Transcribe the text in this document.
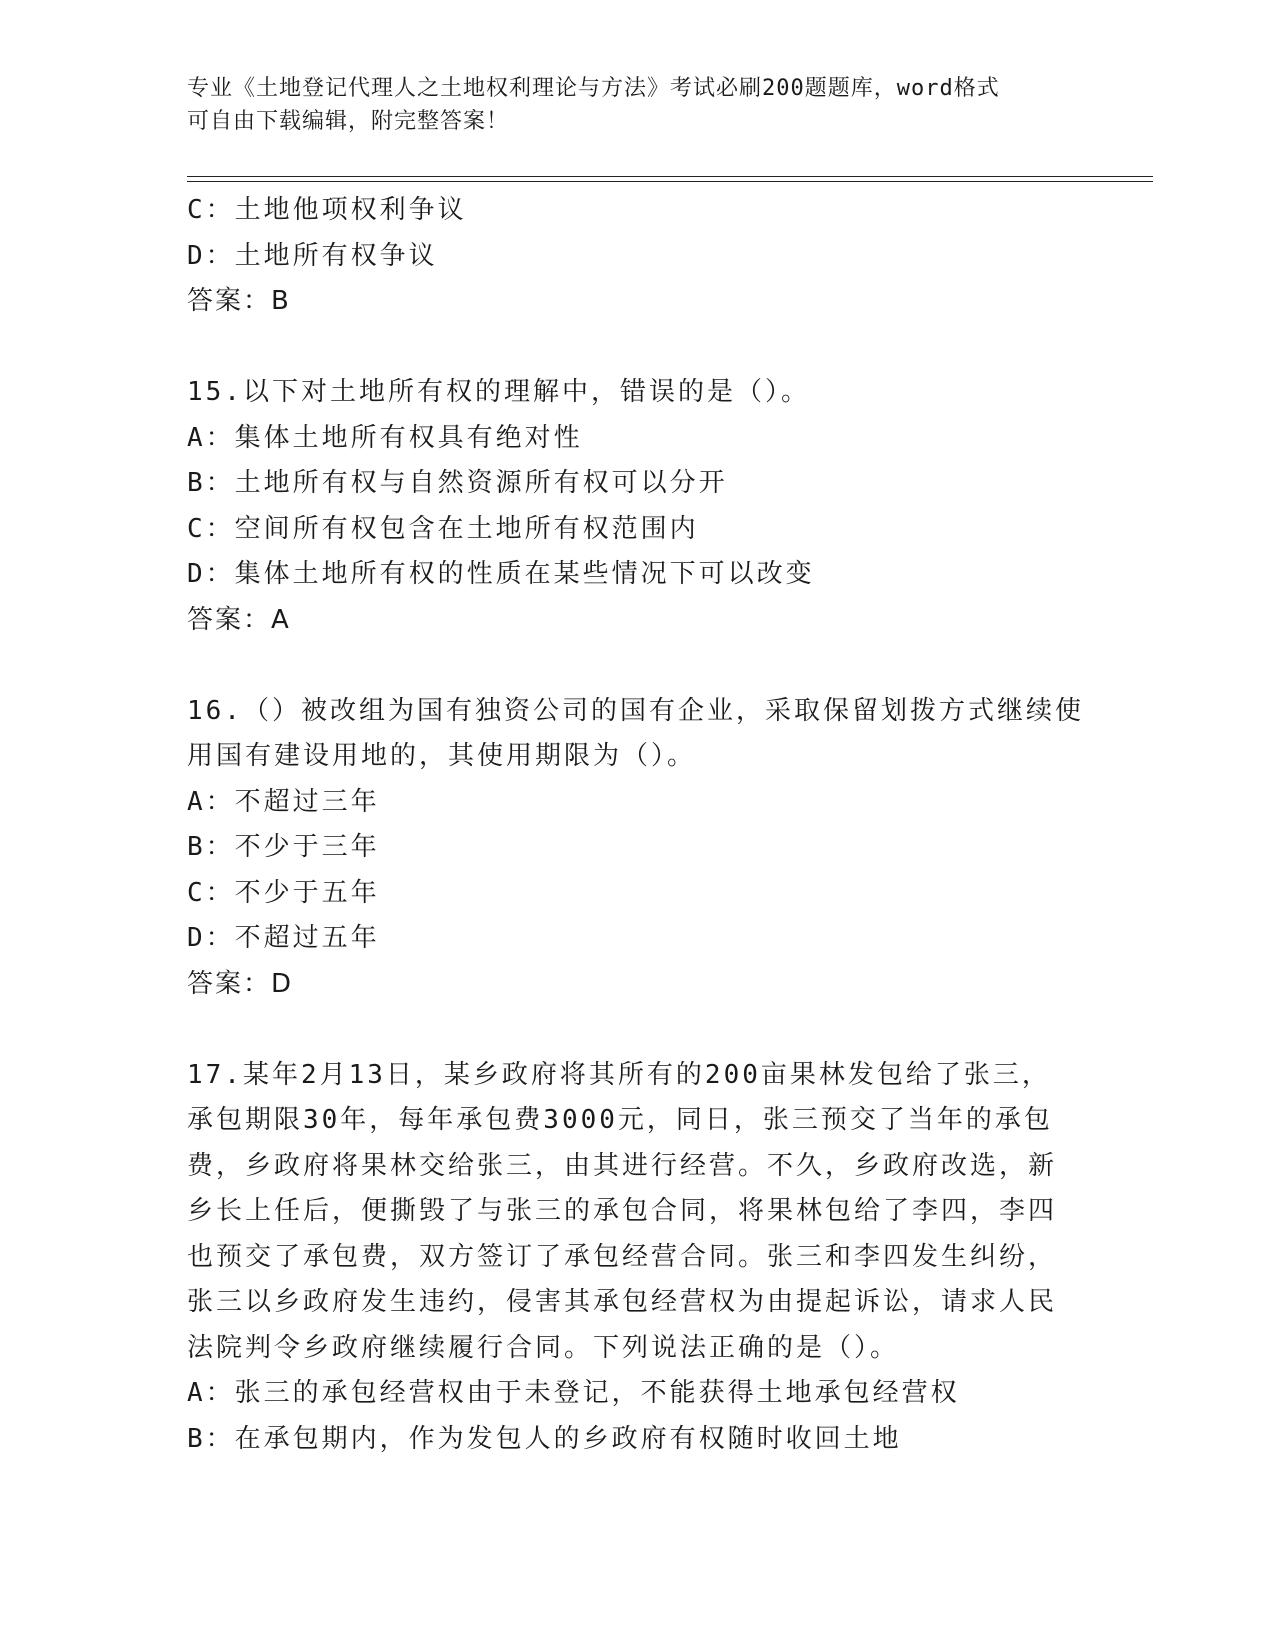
专业《土地登记代理人之土地权利理论与方法》考试必刷200题题库，word格式
可自由下载编辑，附完整答案！
C：土地他项权利争议
D：土地所有权争议
答案：B
15.以下对土地所有权的理解中，错误的是（）。
A：集体土地所有权具有绝对性
B：土地所有权与自然资源所有权可以分开
C：空间所有权包含在土地所有权范围内
D：集体土地所有权的性质在某些情况下可以改变
答案：A
16.（）被改组为国有独资公司的国有企业，采取保留划拨方式继续使
用国有建设用地的，其使用期限为（）。
A：不超过三年
B：不少于三年
C：不少于五年
D：不超过五年
答案：D
17.某年2月13日，某乡政府将其所有的200亩果林发包给了张三，
承包期限30年，每年承包费3000元，同日，张三预交了当年的承包
费，乡政府将果林交给张三，由其进行经营。不久，乡政府改选，新
乡长上任后，便撕毁了与张三的承包合同，将果林包给了李四，李四
也预交了承包费，双方签订了承包经营合同。张三和李四发生纠纷，
张三以乡政府发生违约，侵害其承包经营权为由提起诉讼，请求人民
法院判令乡政府继续履行合同。下列说法正确的是（）。
A：张三的承包经营权由于未登记，不能获得土地承包经营权
B：在承包期内，作为发包人的乡政府有权随时收回土地
